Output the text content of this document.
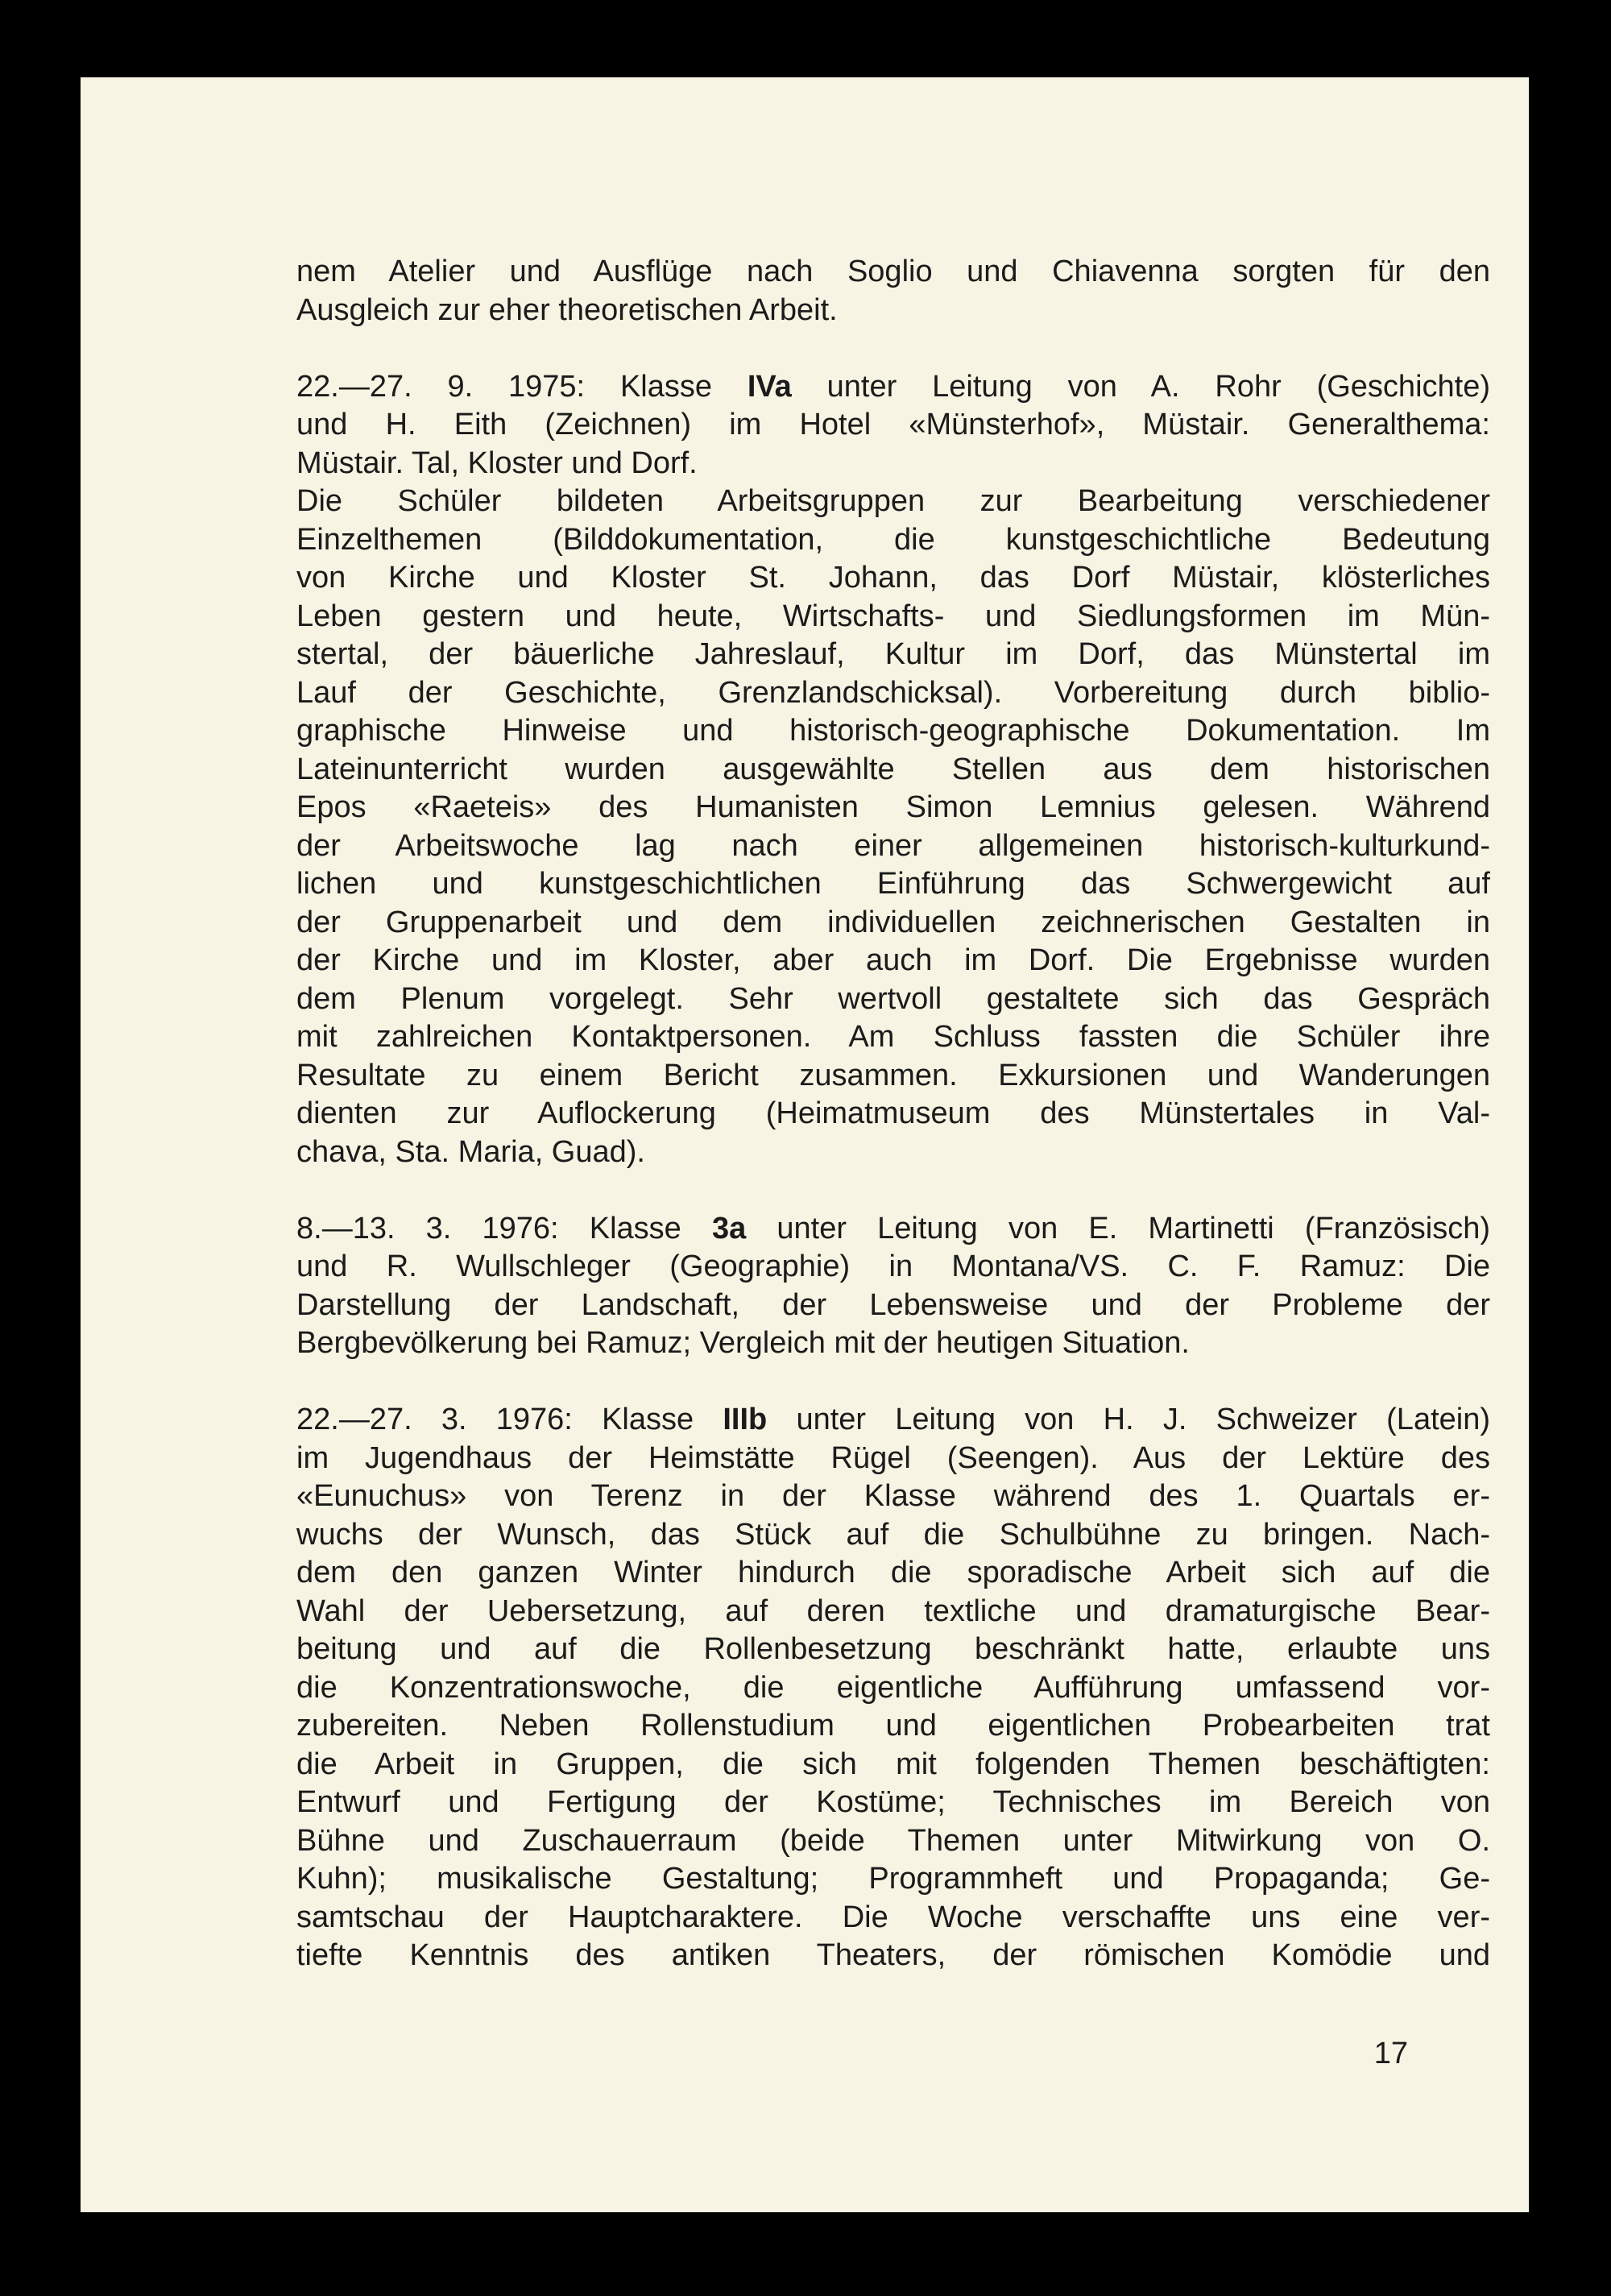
nem Atelier und Ausflüge nach Soglio und Chiavenna sorgten für den
Ausgleich zur eher theoretischen Arbeit.
22.—27. 9. 1975: Klasse IVa unter Leitung von A. Rohr (Geschichte)
und H. Eith (Zeichnen) im Hotel «Münsterhof», Müstair. Generalthema:
Müstair. Tal, Kloster und Dorf.
Die Schüler bildeten Arbeitsgruppen zur Bearbeitung verschiedener
Einzelthemen (Bilddokumentation, die kunstgeschichtliche Bedeutung
von Kirche und Kloster St. Johann, das Dorf Müstair, klösterliches
Leben gestern und heute, Wirtschafts- und Siedlungsformen im Mün-
stertal, der bäuerliche Jahreslauf, Kultur im Dorf, das Münstertal im
Lauf der Geschichte, Grenzlandschicksal). Vorbereitung durch biblio-
graphische Hinweise und historisch-geographische Dokumentation. Im
Lateinunterricht wurden ausgewählte Stellen aus dem historischen
Epos «Raeteis» des Humanisten Simon Lemnius gelesen. Während
der Arbeitswoche lag nach einer allgemeinen historisch-kulturkund-
lichen und kunstgeschichtlichen Einführung das Schwergewicht auf
der Gruppenarbeit und dem individuellen zeichnerischen Gestalten in
der Kirche und im Kloster, aber auch im Dorf. Die Ergebnisse wurden
dem Plenum vorgelegt. Sehr wertvoll gestaltete sich das Gespräch
mit zahlreichen Kontaktpersonen. Am Schluss fassten die Schüler ihre
Resultate zu einem Bericht zusammen. Exkursionen und Wanderungen
dienten zur Auflockerung (Heimatmuseum des Münstertales in Val-
chava, Sta. Maria, Guad).
8.—13. 3. 1976: Klasse 3a unter Leitung von E. Martinetti (Französisch)
und R. Wullschleger (Geographie) in Montana/VS. C. F. Ramuz: Die
Darstellung der Landschaft, der Lebensweise und der Probleme der
Bergbevölkerung bei Ramuz; Vergleich mit der heutigen Situation.
22.—27. 3. 1976: Klasse IIIb unter Leitung von H. J. Schweizer (Latein)
im Jugendhaus der Heimstätte Rügel (Seengen). Aus der Lektüre des
«Eunuchus» von Terenz in der Klasse während des 1. Quartals er-
wuchs der Wunsch, das Stück auf die Schulbühne zu bringen. Nach-
dem den ganzen Winter hindurch die sporadische Arbeit sich auf die
Wahl der Uebersetzung, auf deren textliche und dramaturgische Bear-
beitung und auf die Rollenbesetzung beschränkt hatte, erlaubte uns
die Konzentrationswoche, die eigentliche Aufführung umfassend vor-
zubereiten. Neben Rollenstudium und eigentlichen Probearbeiten trat
die Arbeit in Gruppen, die sich mit folgenden Themen beschäftigten:
Entwurf und Fertigung der Kostüme; Technisches im Bereich von
Bühne und Zuschauerraum (beide Themen unter Mitwirkung von O.
Kuhn); musikalische Gestaltung; Programmheft und Propaganda; Ge-
samtschau der Hauptcharaktere. Die Woche verschaffte uns eine ver-
tiefte Kenntnis des antiken Theaters, der römischen Komödie und
17
